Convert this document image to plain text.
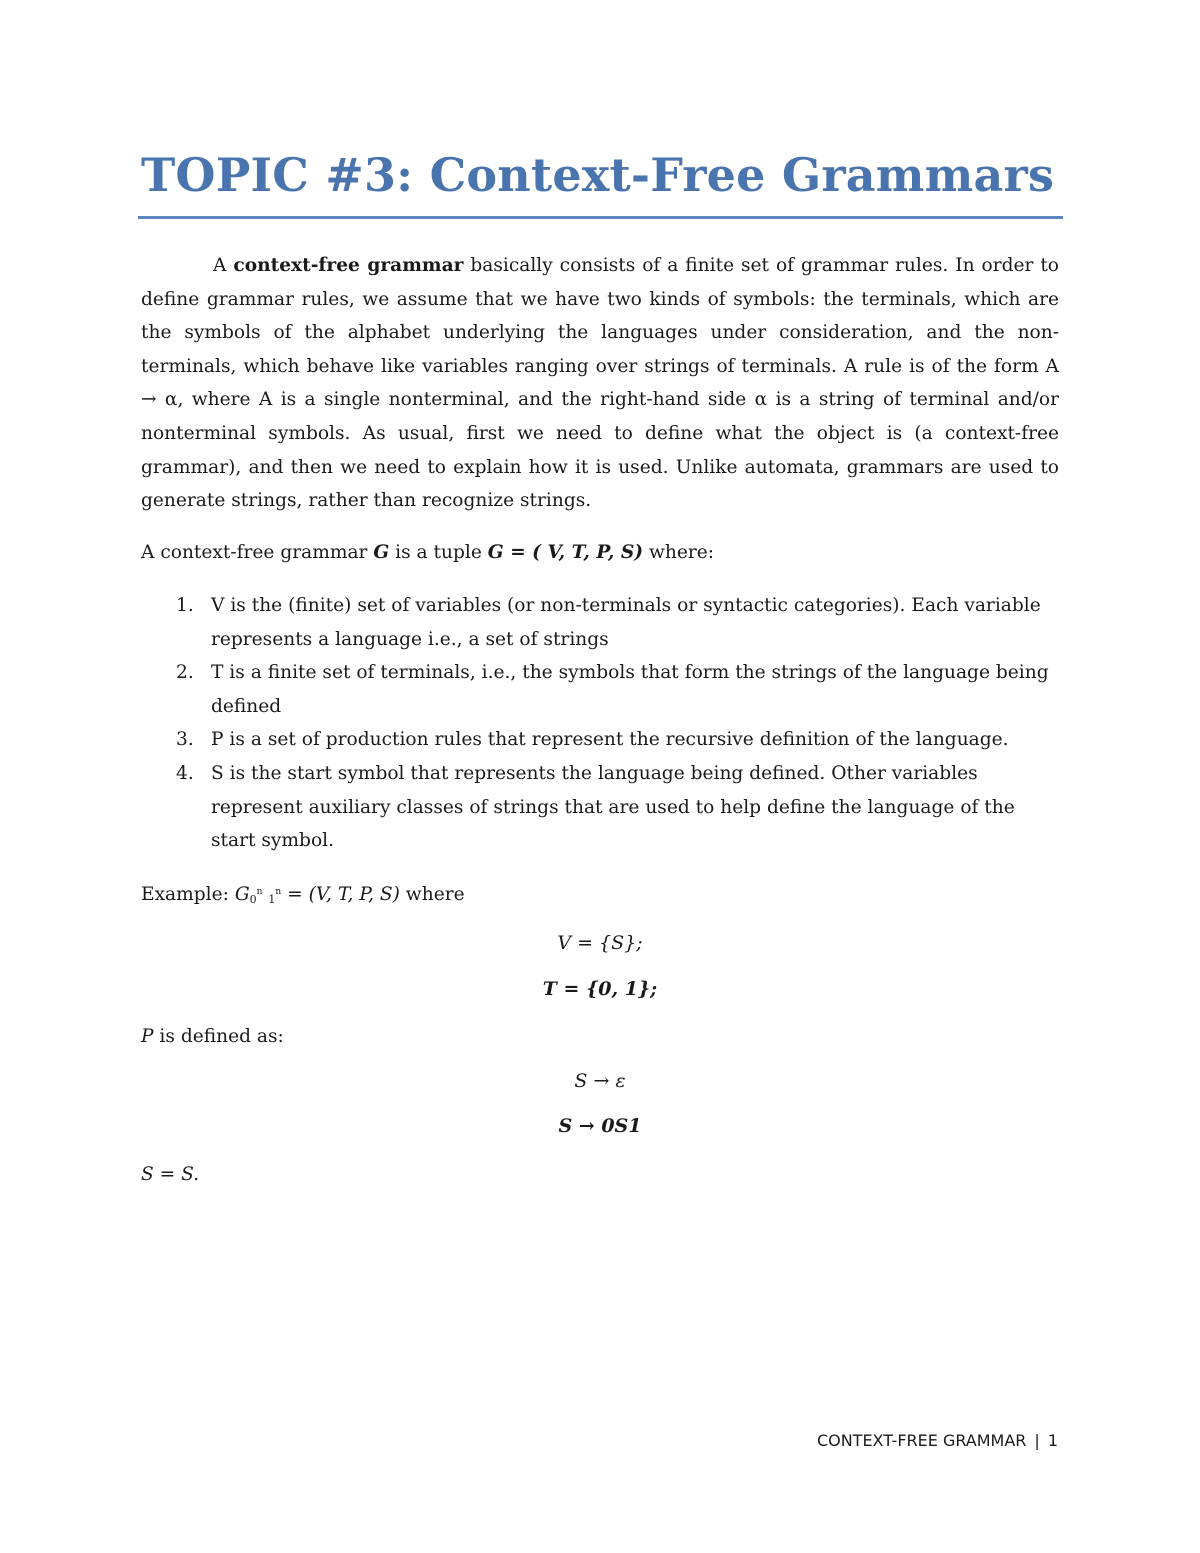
TOPIC #3: Context-Free Grammars

A context-free grammar basically consists of a finite set of grammar rules. In order to define grammar rules, we assume that we have two kinds of symbols: the terminals, which are the symbols of the alphabet underlying the languages under consideration, and the non-terminals, which behave like variables ranging over strings of terminals. A rule is of the form A → α, where A is a single nonterminal, and the right-hand side α is a string of terminal and/or nonterminal symbols. As usual, first we need to define what the object is (a context-free grammar), and then we need to explain how it is used. Unlike automata, grammars are used to generate strings, rather than recognize strings.

A context-free grammar G is a tuple G = ( V, T, P, S) where:

1. V is the (finite) set of variables (or non-terminals or syntactic categories). Each variable represents a language i.e., a set of strings
2. T is a finite set of terminals, i.e., the symbols that form the strings of the language being defined
3. P is a set of production rules that represent the recursive definition of the language.
4. S is the start symbol that represents the language being defined. Other variables represent auxiliary classes of strings that are used to help define the language of the start symbol.

Example: $G_0^n$ $_1^n$ = (V, T, P, S) where

V = {S};

T = {0, 1};

P is defined as:

S → ε

S → 0S1

S = S.

CONTEXT-FREE GRAMMAR | 1
